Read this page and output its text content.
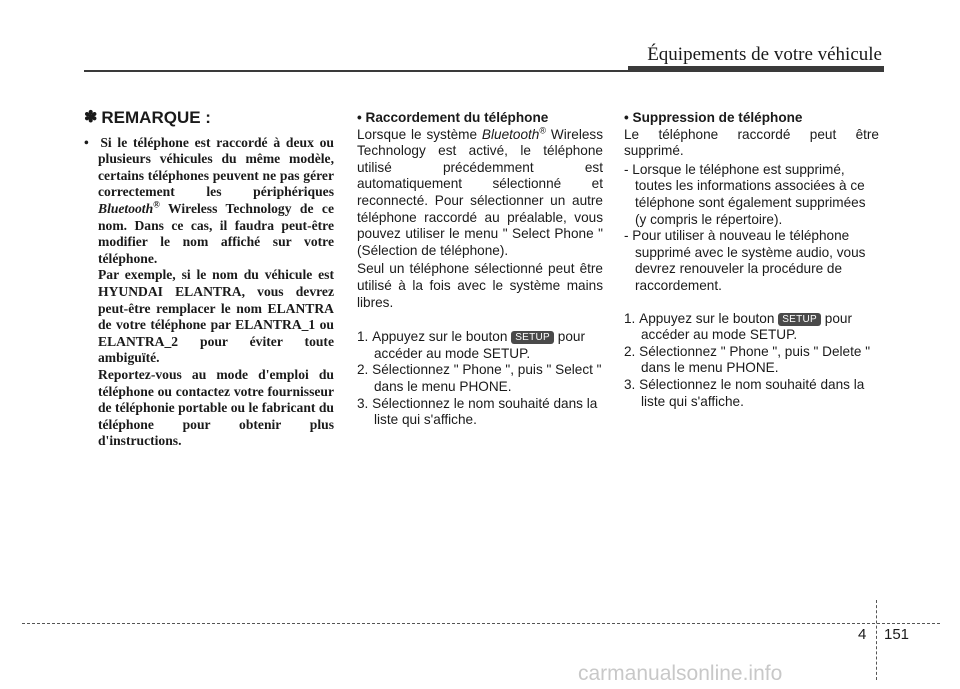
Équipements de votre véhicule
✽ REMARQUE :

• Si le téléphone est raccordé à deux ou plusieurs véhicules du même modèle, certains téléphones peuvent ne pas gérer correctement les périphériques Bluetooth® Wireless Technology de ce nom. Dans ce cas, il faudra peut-être modifier le nom affiché sur votre téléphone.

Par exemple, si le nom du véhicule est HYUNDAI ELANTRA, vous devrez peut-être remplacer le nom ELANTRA de votre téléphone par ELANTRA_1 ou ELANTRA_2 pour éviter toute ambiguïté.

Reportez-vous au mode d'emploi du téléphone ou contactez votre fournisseur de téléphonie portable ou le fabricant du téléphone pour obtenir plus d'instructions.

• Raccordement du téléphone

Lorsque le système Bluetooth® Wireless Technology est activé, le téléphone utilisé précédemment est automatiquement sélectionné et reconnecté. Pour sélectionner un autre téléphone raccordé au préalable, vous pouvez utiliser le menu " Select Phone " (Sélection de téléphone).

Seul un téléphone sélectionné peut être utilisé à la fois avec le système mains libres.

1. Appuyez sur le bouton SETUP pour accéder au mode SETUP.
2. Sélectionnez " Phone ", puis " Select " dans le menu PHONE.
3. Sélectionnez le nom souhaité dans la liste qui s'affiche.

• Suppression de téléphone

Le téléphone raccordé peut être supprimé.

- Lorsque le téléphone est supprimé, toutes les informations associées à ce téléphone sont également supprimées (y compris le répertoire).
- Pour utiliser à nouveau le téléphone supprimé avec le système audio, vous devrez renouveler la procédure de raccordement.
1. Appuyez sur le bouton SETUP pour accéder au mode SETUP.
2. Sélectionnez " Phone ", puis " Delete " dans le menu PHONE.
3. Sélectionnez le nom souhaité dans la liste qui s'affiche.
4 151
carmanualsonline.info
